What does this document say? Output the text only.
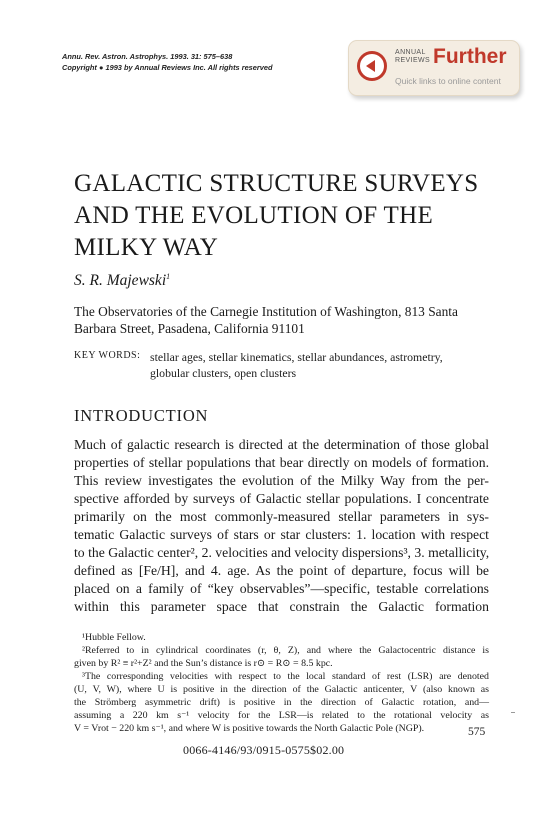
Annu. Rev. Astron. Astrophys. 1993. 31: 575–638
Copyright ● 1993 by Annual Reviews Inc. All rights reserved
ANNUAL
REVIEWS Further
Quick links to online content
GALACTIC STRUCTURE SURVEYS
AND THE EVOLUTION OF THE
MILKY WAY
S. R. Majewski$^1$
The Observatories of the Carnegie Institution of Washington, 813 Santa
Barbara Street, Pasadena, California 91101
KEY WORDS: stellar ages, stellar kinematics, stellar abundances, astrometry,
globular clusters, open clusters
INTRODUCTION
Much of galactic research is directed at the determination of those global
properties of stellar populations that bear directly on models of formation.
This review investigates the evolution of the Milky Way from the per-
spective afforded by surveys of Galactic stellar populations. I concentrate
primarily on the most commonly-measured stellar parameters in sys-
tematic Galactic surveys of stars or star clusters: 1. location with respect
to the Galactic center², 2. velocities and velocity dispersions³, 3. metallicity,
defined as [Fe/H], and 4. age. As the point of departure, focus will be
placed on a family of “key observables”—specific, testable correlations
within this parameter space that constrain the Galactic formation
¹Hubble Fellow.
²Referred to in cylindrical coordinates (r, θ, Z), and where the Galactocentric distance is
given by R² ≡ r²+Z² and the Sun’s distance is r⊙ = R⊙ = 8.5 kpc.
³The corresponding velocities with respect to the local standard of rest (LSR) are denoted
(U, V, W), where U is positive in the direction of the Galactic anticenter, V (also known as
the Strömberg asymmetric drift) is positive in the direction of Galactic rotation, and—
assuming a 220 km s⁻¹ velocity for the LSR—is related to the rotational velocity as
V = Vrot − 220 km s⁻¹, and where W is positive towards the North Galactic Pole (NGP).	575
0066-4146/93/0915-0575$02.00
